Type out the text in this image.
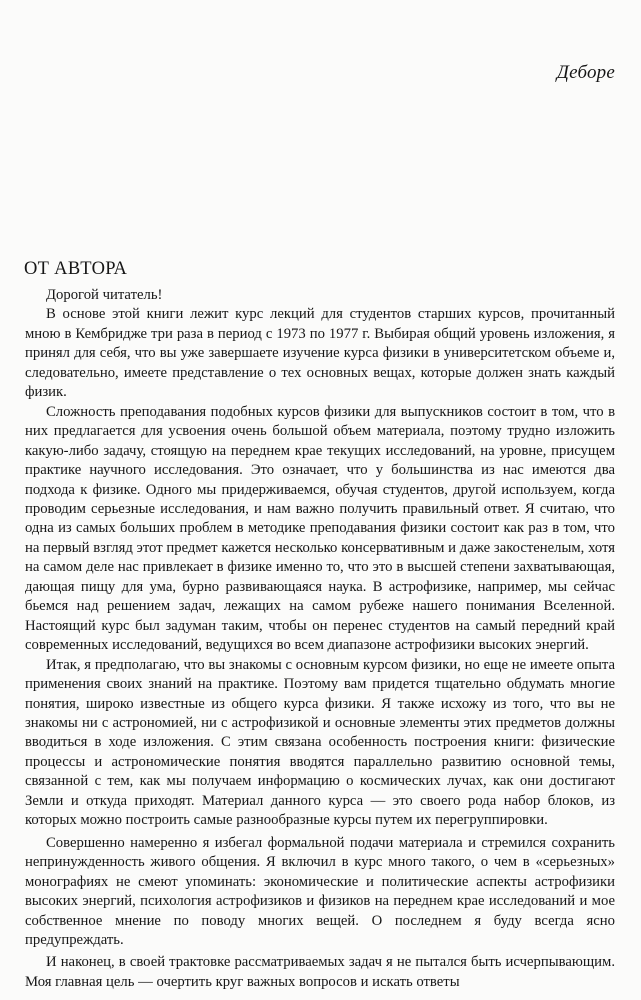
Деборе
ОТ АВТОРА

Дорогой читатель!

В основе этой книги лежит курс лекций для студентов старших курсов, прочитанный мною в Кембридже три раза в период с 1973 по 1977 г. Выбирая общий уровень изложения, я принял для себя, что вы уже завершаете изучение курса физики в университетском объеме и, следовательно, имеете представление о тех основных вещах, которые должен знать каждый физик.

Сложность преподавания подобных курсов физики для выпускников состоит в том, что в них предлагается для усвоения очень большой объем материала, поэтому трудно изложить какую-либо задачу, стоящую на переднем крае текущих исследований, на уровне, присущем практике научного исследования. Это означает, что у большинства из нас имеются два подхода к физике. Одного мы придерживаемся, обучая студентов, другой используем, когда проводим серьезные исследования, и нам важно получить правильный ответ. Я считаю, что одна из самых больших проблем в методике преподавания физики состоит как раз в том, что на первый взгляд этот предмет кажется несколько консервативным и даже закостенелым, хотя на самом деле нас привлекает в физике именно то, что это в высшей степени захватывающая, дающая пищу для ума, бурно развивающаяся наука. В астрофизике, например, мы сейчас бьемся над решением задач, лежащих на самом рубеже нашего понимания Вселенной. Настоящий курс был задуман таким, чтобы он перенес студентов на самый передний край современных исследований, ведущихся во всем диапазоне астрофизики высоких энергий.

Итак, я предполагаю, что вы знакомы с основным курсом физики, но еще не имеете опыта применения своих знаний на практике. Поэтому вам придется тщательно обдумать многие понятия, широко известные из общего курса физики. Я также исхожу из того, что вы не знакомы ни с астрономией, ни с астрофизикой и основные элементы этих предметов должны вводиться в ходе изложения. С этим связана особенность построения книги: физические процессы и астрономические понятия вводятся параллельно развитию основной темы, связанной с тем, как мы получаем информацию о космических лучах, как они достигают Земли и откуда приходят. Материал данного курса — это своего рода набор блоков, из которых можно построить самые разнообразные курсы путем их перегруппировки.

Совершенно намеренно я избегал формальной подачи материала и стремился сохранить непринужденность живого общения. Я включил в курс много такого, о чем в «серьезных» монографиях не смеют упоминать: экономические и политические аспекты астрофизики высоких энергий, психология астрофизиков и физиков на переднем крае исследований и мое собственное мнение по поводу многих вещей. О последнем я буду всегда ясно предупреждать.

И наконец, в своей трактовке рассматриваемых задач я не пытался быть исчерпывающим. Моя главная цель — очертить круг важных вопросов и искать ответы
